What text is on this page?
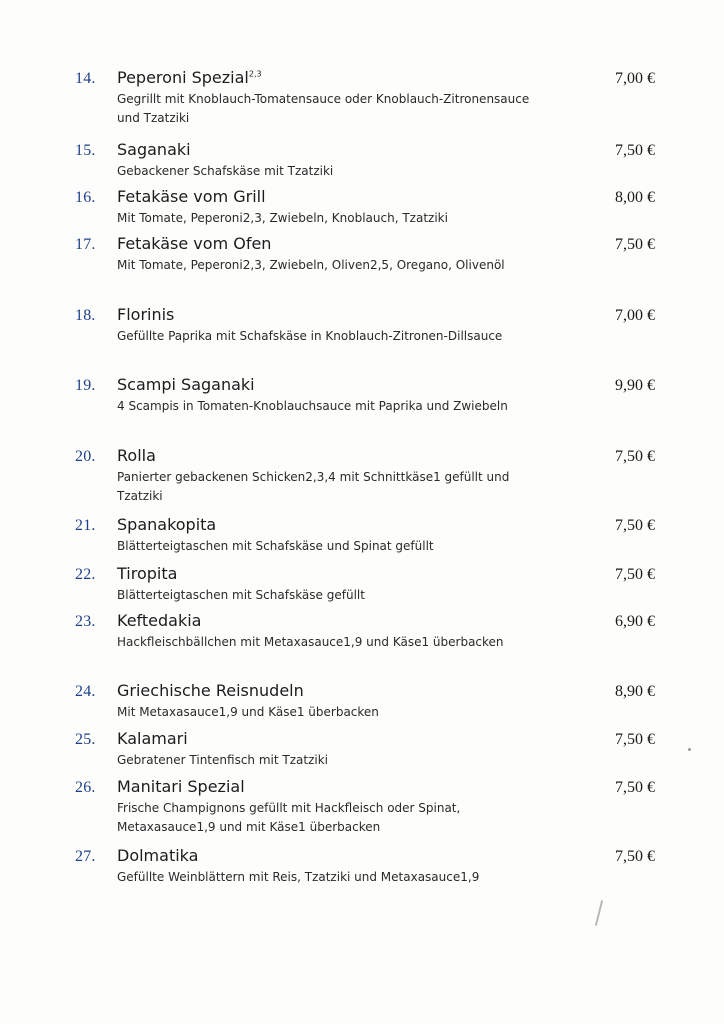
14.	Peperoni Spezial$^{2,3}$
Gegrillt mit Knoblauch-Tomatensauce oder Knoblauch-Zitronensauce und Tzatziki
7,00 €
15.	Saganaki
Gebackener Schafskäse mit Tzatziki
7,50 €
16.	Fetakäse vom Grill
Mit Tomate, Peperoni2,3, Zwiebeln, Knoblauch, Tzatziki
8,00 €
17.	Fetakäse vom Ofen
Mit Tomate, Peperoni2,3, Zwiebeln, Oliven2,5, Oregano, Olivenöl
7,50 €
18.	Florinis
Gefüllte Paprika mit Schafskäse in Knoblauch-Zitronen-Dillsauce
7,00 €
19.	Scampi Saganaki
4 Scampis in Tomaten-Knoblauchsauce mit Paprika und Zwiebeln
9,90 €
20.	Rolla
Panierter gebackenen Schicken2,3,4 mit Schnittkäse1 gefüllt und Tzatziki
7,50 €
21.	Spanakopita
Blätterteigtaschen mit Schafskäse und Spinat gefüllt
7,50 €
22.	Tiropita
Blätterteigtaschen mit Schafskäse gefüllt
7,50 €
23.	Keftedakia
Hackfleischbällchen mit Metaxasauce1,9 und Käse1 überbacken
6,90 €
24.	Griechische Reisnudeln
Mit Metaxasauce1,9 und Käse1 überbacken
8,90 €
25.	Kalamari
Gebratener Tintenfisch mit Tzatziki
7,50 €
26.	Manitari Spezial
Frische Champignons gefüllt mit Hackfleisch oder Spinat, Metaxasauce1,9 und mit Käse1 überbacken
7,50 €
27.	Dolmatika
Gefüllte Weinblättern mit Reis, Tzatziki und Metaxasauce1,9
7,50 €
